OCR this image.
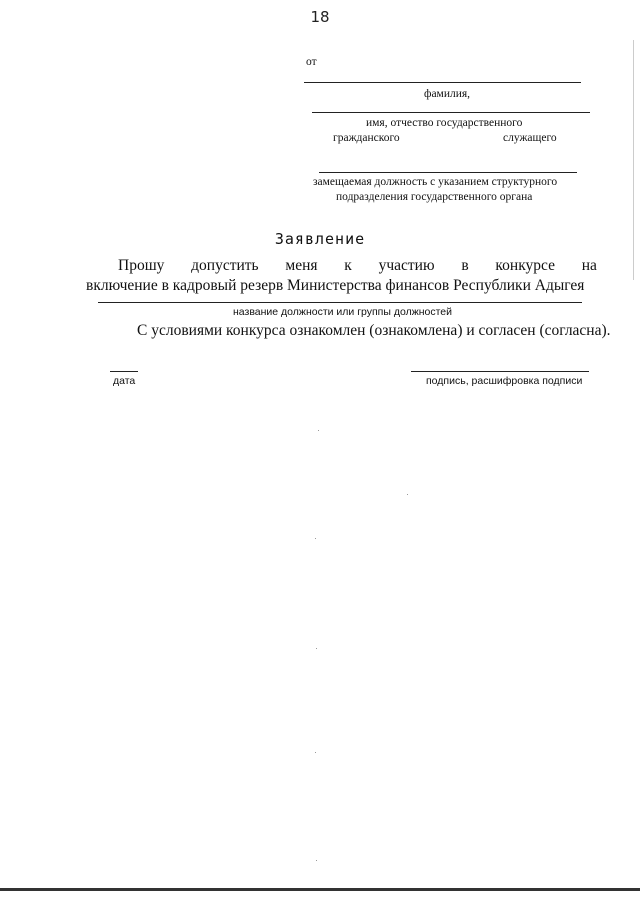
18
от
фамилия,
имя, отчество государственного
гражданского	служащего
замещаемая должность с указанием структурного
подразделения государственного органа
Заявление
Прошу допустить меня к участию в конкурсе на
включение в кадровый резерв Министерства финансов Республики Адыгея
название должности или группы должностей
С условиями конкурса ознакомлен (ознакомлена) и согласен (согласна).
дата	подпись, расшифровка подписи
